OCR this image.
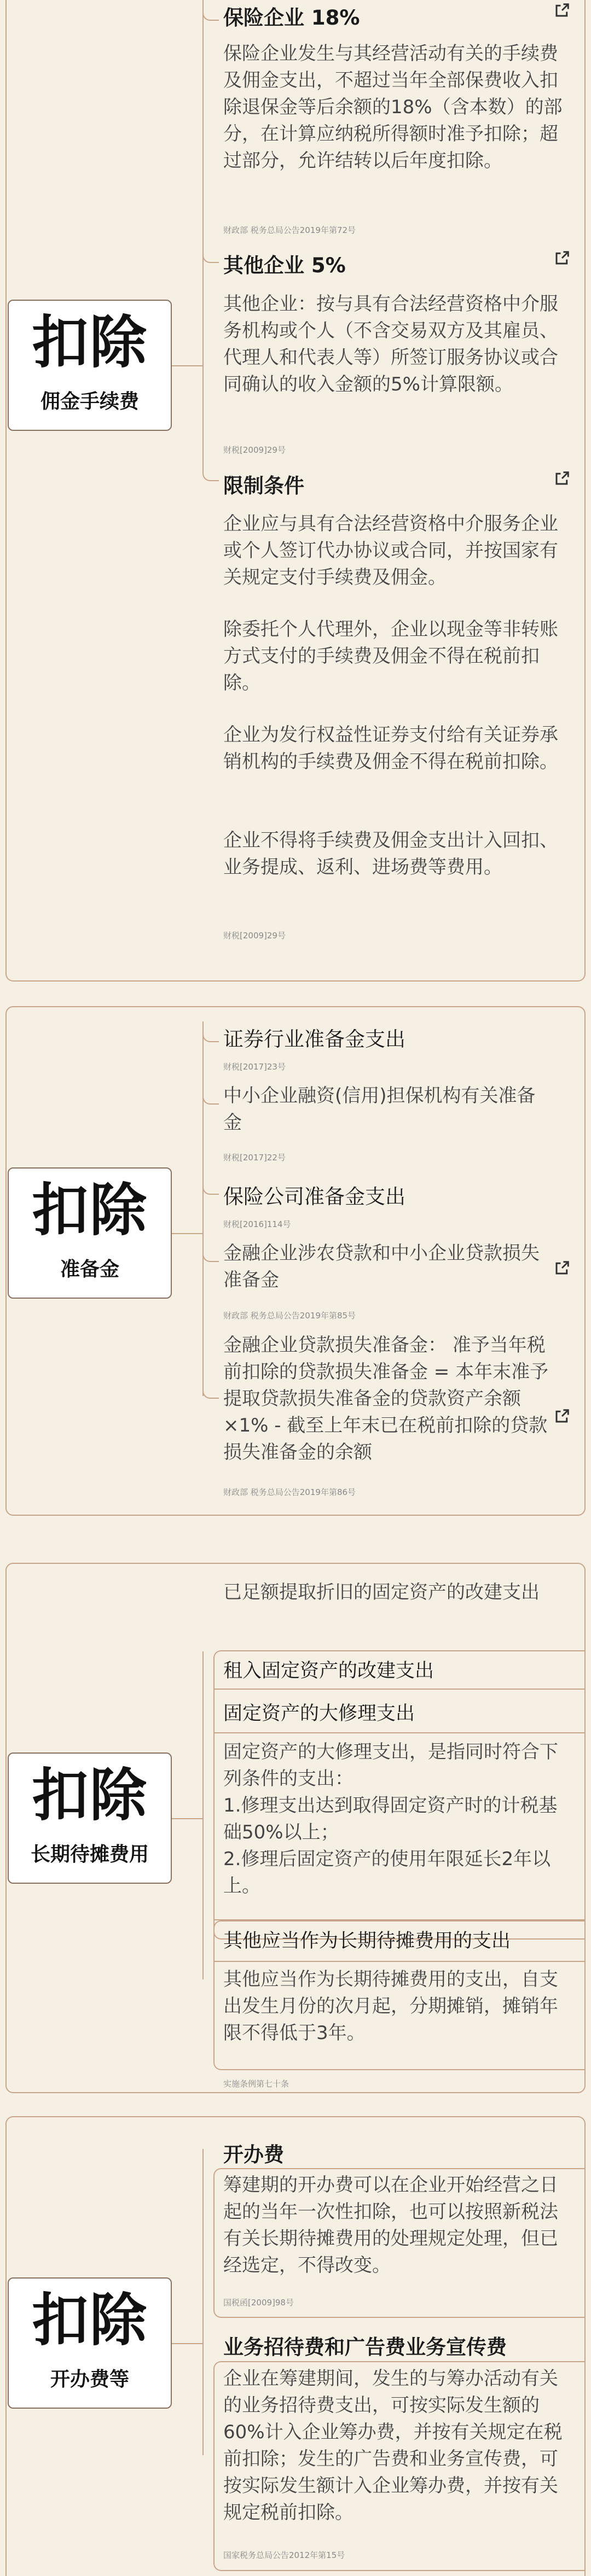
扣除
佣金手续费
保险企业 18%
保险企业发生与其经营活动有关的手续费及佣金支出，不超过当年全部保费收入扣除退保金等后余额的18%（含本数）的部分，在计算应纳税所得额时准予扣除；超过部分，允许结转以后年度扣除。
财政部 税务总局公告2019年第72号
其他企业 5%
其他企业：按与具有合法经营资格中介服务机构或个人（不含交易双方及其雇员、代理人和代表人等）所签订服务协议或合同确认的收入金额的5%计算限额。
财税[2009]29号
限制条件
企业应与具有合法经营资格中介服务企业或个人签订代办协议或合同，并按国家有关规定支付手续费及佣金。
除委托个人代理外，企业以现金等非转账方式支付的手续费及佣金不得在税前扣除。
企业为发行权益性证券支付给有关证券承销机构的手续费及佣金不得在税前扣除。
企业不得将手续费及佣金支出计入回扣、业务提成、返利、进场费等费用。
财税[2009]29号
扣除
准备金
证券行业准备金支出
财税[2017]23号
中小企业融资(信用)担保机构有关准备金
财税[2017]22号
保险公司准备金支出
财税[2016]114号
金融企业涉农贷款和中小企业贷款损失准备金
财政部 税务总局公告2019年第85号
金融企业贷款损失准备金： 准予当年税前扣除的贷款损失准备金 = 本年末准予提取贷款损失准备金的贷款资产余额×1% - 截至上年末已在税前扣除的贷款损失准备金的余额
财政部 税务总局公告2019年第86号
扣除
长期待摊费用
已足额提取折旧的固定资产的改建支出
租入固定资产的改建支出
固定资产的大修理支出
固定资产的大修理支出，是指同时符合下列条件的支出：
1.修理支出达到取得固定资产时的计税基础50%以上；
2.修理后固定资产的使用年限延长2年以上。
其他应当作为长期待摊费用的支出
其他应当作为长期待摊费用的支出，自支出发生月份的次月起，分期摊销，摊销年限不得低于3年。
实施条例第七十条
扣除
开办费等
开办费
筹建期的开办费可以在企业开始经营之日起的当年一次性扣除，也可以按照新税法有关长期待摊费用的处理规定处理，但已经选定，不得改变。
国税函[2009]98号
业务招待费和广告费业务宣传费
企业在筹建期间，发生的与筹办活动有关的业务招待费支出，可按实际发生额的60%计入企业筹办费，并按有关规定在税前扣除；发生的广告费和业务宣传费，可按实际发生额计入企业筹办费，并按有关规定税前扣除。
国家税务总局公告2012年第15号
